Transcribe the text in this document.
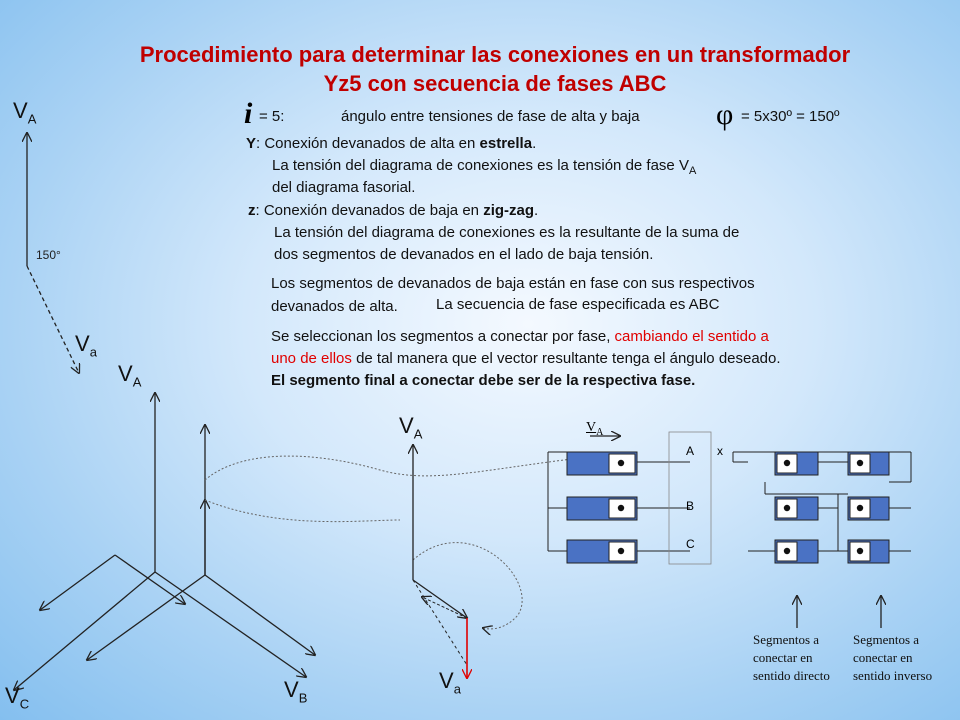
Procedimiento para determinar las conexiones en un transformador
Yz5 con secuencia de fases ABC
i = 5:	ángulo entre tensiones de fase de alta y baja	φ = 5x30º = 150º
Y: Conexión devanados de alta en estrella.
La tensión del diagrama de conexiones es la tensión de fase $V_A$
del diagrama fasorial.
z: Conexión devanados de baja en zig-zag.
La tensión del diagrama de conexiones es la resultante de la suma de
dos segmentos de devanados en el lado de baja tensión.
Los segmentos de devanados de baja están en fase con sus respectivos
devanados de alta.	La secuencia de fase especificada es ABC
Se seleccionan los segmentos a conectar por fase, cambiando el sentido a
uno de ellos de tal manera que el vector resultante tenga el ángulo deseado.
El segmento final a conectar debe ser de la respectiva fase.
$V_A$
150°
$V_a$
$V_A$
$V_C$
$V_B$
$V_A$
$V_a$
$V_A$
A x
B
C
Segmentos a conectar en sentido directo
Segmentos a conectar en sentido inverso
